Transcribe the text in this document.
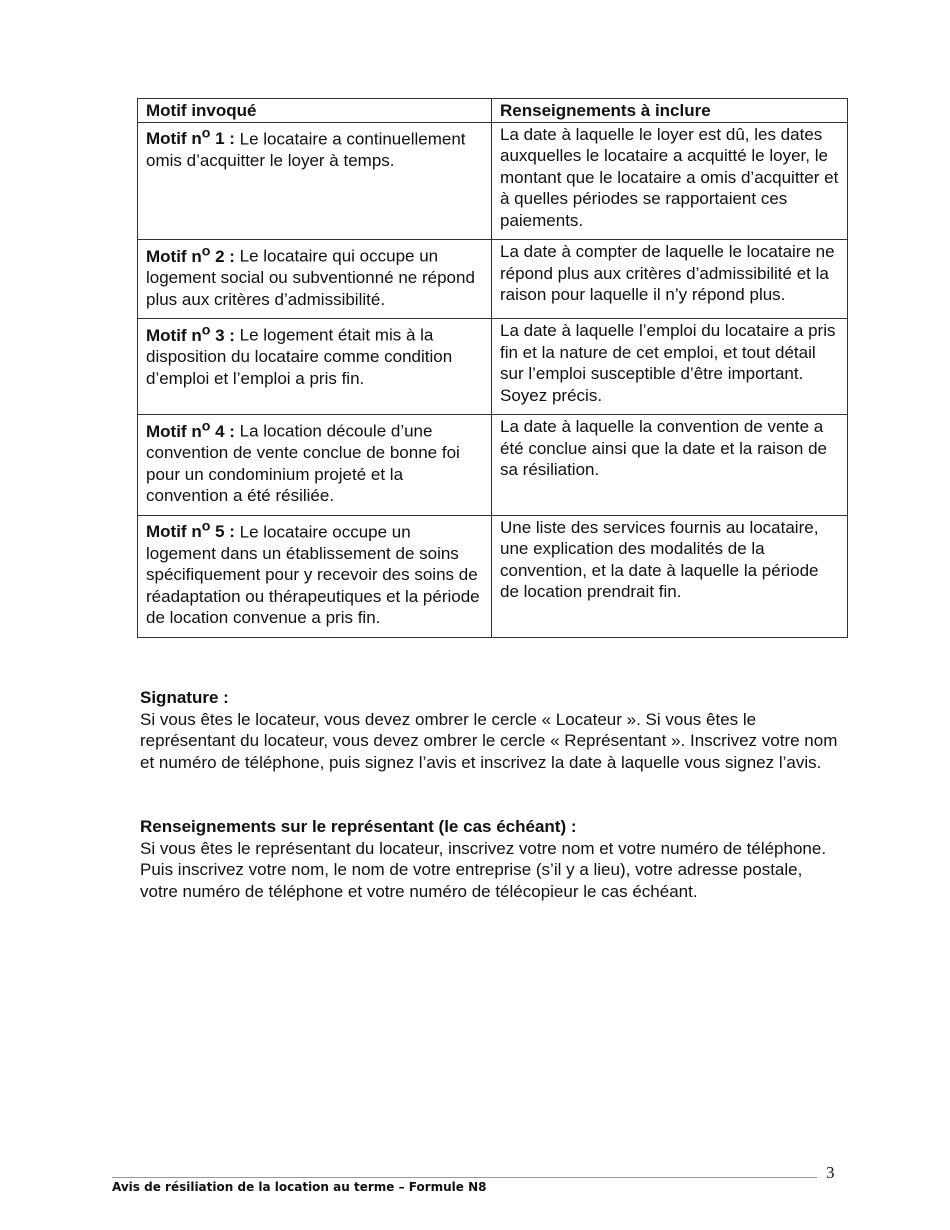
Motif invoqué	Renseignements à inclure
Motif $n^o$ 1 : Le locataire a continuellement omis d’acquitter le loyer à temps.	La date à laquelle le loyer est dû, les dates auxquelles le locataire a acquitté le loyer, le montant que le locataire a omis d’acquitter et à quelles périodes se rapportaient ces paiements.
Motif $n^o$ 2 : Le locataire qui occupe un logement social ou subventionné ne répond plus aux critères d’admissibilité.	La date à compter de laquelle le locataire ne répond plus aux critères d’admissibilité et la raison pour laquelle il n’y répond plus.
Motif $n^o$ 3 : Le logement était mis à la disposition du locataire comme condition d’emploi et l’emploi a pris fin.	La date à laquelle l’emploi du locataire a pris fin et la nature de cet emploi, et tout détail sur l’emploi susceptible d’être important. Soyez précis.
Motif $n^o$ 4 : La location découle d’une convention de vente conclue de bonne foi pour un condominium projeté et la convention a été résiliée.	La date à laquelle la convention de vente a été conclue ainsi que la date et la raison de sa résiliation.
Motif $n^o$ 5 : Le locataire occupe un logement dans un établissement de soins spécifiquement pour y recevoir des soins de réadaptation ou thérapeutiques et la période de location convenue a pris fin.	Une liste des services fournis au locataire, une explication des modalités de la convention, et la date à laquelle la période de location prendrait fin.
Signature :
Si vous êtes le locateur, vous devez ombrer le cercle « Locateur ». Si vous êtes le représentant du locateur, vous devez ombrer le cercle « Représentant ». Inscrivez votre nom et numéro de téléphone, puis signez l’avis et inscrivez la date à laquelle vous signez l’avis.
Renseignements sur le représentant (le cas échéant) :
Si vous êtes le représentant du locateur, inscrivez votre nom et votre numéro de téléphone. Puis inscrivez votre nom, le nom de votre entreprise (s’il y a lieu), votre adresse postale, votre numéro de téléphone et votre numéro de télécopieur le cas échéant.
Avis de résiliation de la location au terme – Formule N8
3
